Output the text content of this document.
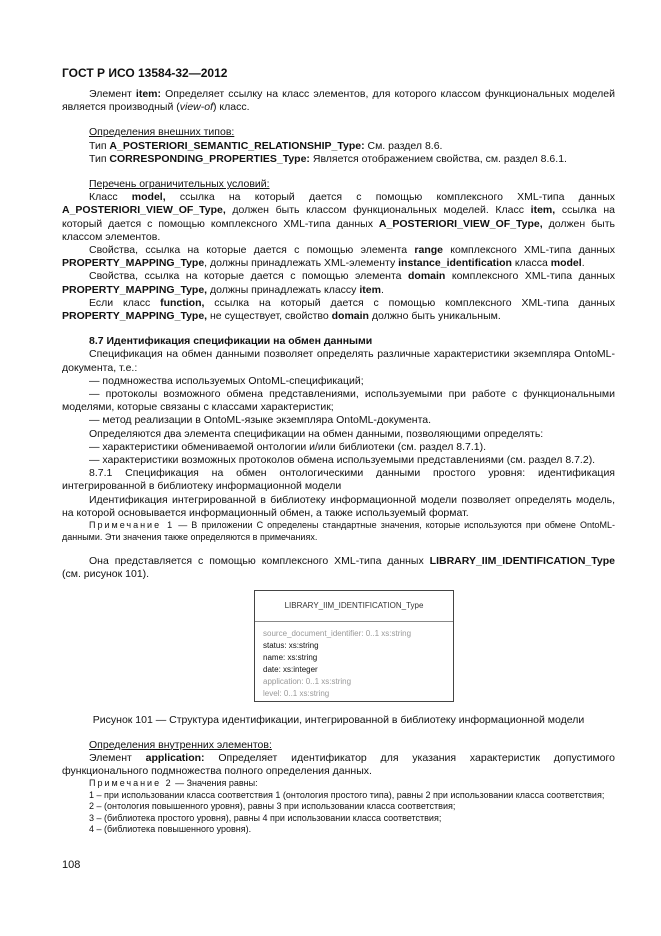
ГОСТ Р ИСО 13584-32—2012

Элемент item: Определяет ссылку на класс элементов, для которого классом функциональных моделей является производный (view-of) класс.

Определения внешних типов:

Тип A_POSTERIORI_SEMANTIC_RELATIONSHIP_Type: См. раздел 8.6.

Тип CORRESPONDING_PROPERTIES_Type: Является отображением свойства, см. раздел 8.6.1.

Перечень ограничительных условий:

Класс model, ссылка на который дается с помощью комплексного XML-типа данных A_POSTERIORI_VIEW_OF_Type, должен быть классом функциональных моделей. Класс item, ссылка на который дается с помощью комплексного XML-типа данных A_POSTERIORI_VIEW_OF_Type, должен быть классом элементов.

Свойства, ссылка на которые дается с помощью элемента range комплексного XML-типа данных PROPERTY_MAPPING_Type, должны принадлежать XML-элементу instance_identification класса model.

Свойства, ссылка на которые дается с помощью элемента domain комплексного XML-типа данных PROPERTY_MAPPING_Type, должны принадлежать классу item.

Если класс function, ссылка на который дается с помощью комплексного XML-типа данных PROPERTY_MAPPING_Type, не существует, свойство domain должно быть уникальным.

8.7 Идентификация спецификации на обмен данными

Спецификация на обмен данными позволяет определять различные характеристики экземпляра OntoML-документа, т.е.:

— подмножества используемых OntoML-спецификаций;

— протоколы возможного обмена представлениями, используемыми при работе с функциональными моделями, которые связаны с классами характеристик;

— метод реализации в OntoML-языке экземпляра OntoML-документа.

Определяются два элемента спецификации на обмен данными, позволяющими определять:

— характеристики обмениваемой онтологии и/или библиотеки (см. раздел 8.7.1).

— характеристики возможных протоколов обмена используемыми представлениями (см. раздел 8.7.2).

8.7.1 Спецификация на обмен онтологическими данными простого уровня: идентификация интегрированной в библиотеку информационной модели

Идентификация интегрированной в библиотеку информационной модели позволяет определять модель, на которой основывается информационный обмен, а также используемый формат.

Примечание 1 — В приложении С определены стандартные значения, которые используются при обмене OntoML-данными. Эти значения также определяются в примечаниях.

Она представляется с помощью комплексного XML-типа данных LIBRARY_IIM_IDENTIFICATION_Type (см. рисунок 101).

LIBRARY_IIM_IDENTIFICATION_Type
source_document_identifier: 0..1 xs:string
status: xs:string
name: xs:string
date: xs:integer
application: 0..1 xs:string
level: 0..1 xs:string

Рисунок 101 — Структура идентификации, интегрированной в библиотеку информационной модели

Определения внутренних элементов:

Элемент application: Определяет идентификатор для указания характеристик допустимого функционального подмножества полного определения данных.

Примечание 2 — Значения равны:

1 – при использовании класса соответствия 1 (онтология простого типа), равны 2 при использовании класса соответствия;

2 – (онтология повышенного уровня), равны 3 при использовании класса соответствия;

3 – (библиотека простого уровня), равны 4 при использовании класса соответствия;

4 – (библиотека повышенного уровня).

108
